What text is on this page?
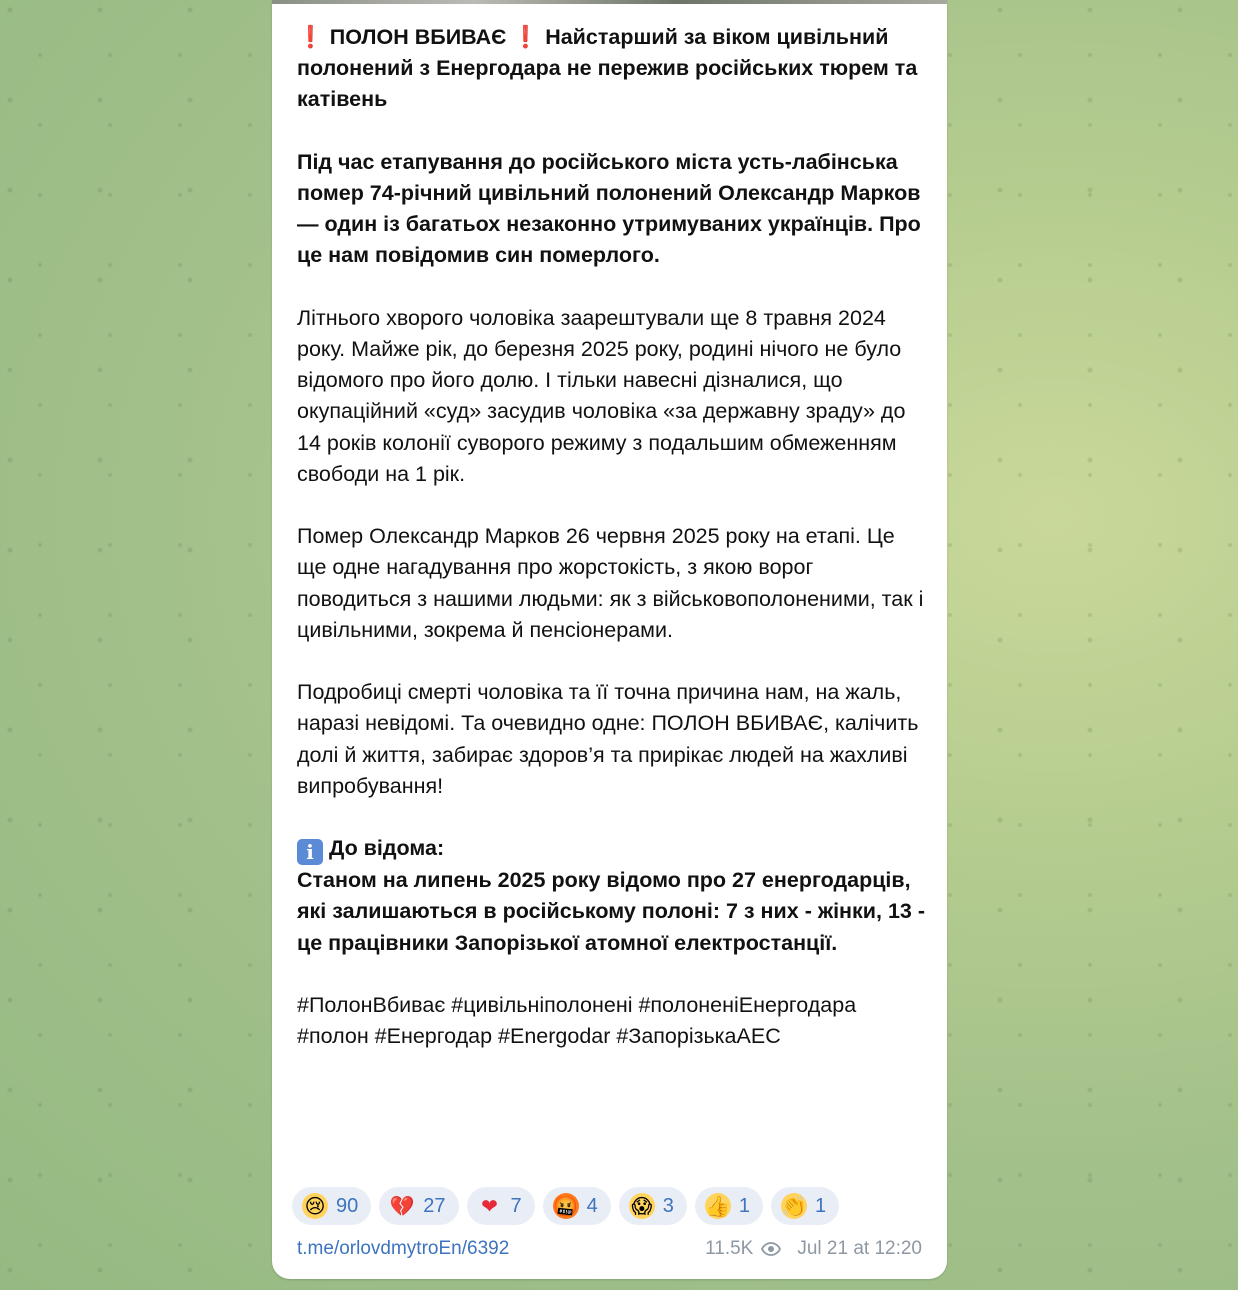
❗ ПОЛОН ВБИВАЄ ❗ Найстарший за віком цивільний полонений з Енергодара не пережив російських тюрем та катівень

Під час етапування до російського міста усть-лабінська помер 74-річний цивільний полонений Олександр Марков — один із багатьох незаконно утримуваних українців. Про це нам повідомив син померлого.

Літнього хворого чоловіка заарештували ще 8 травня 2024 року. Майже рік, до березня 2025 року, родині нічого не було відомого про його долю. І тільки навесні дізналися, що окупаційний «суд» засудив чоловіка «за державну зраду» до 14 років колонії суворого режиму з подальшим обмеженням свободи на 1 рік.

Помер Олександр Марков 26 червня 2025 року на етапі. Це ще одне нагадування про жорстокість, з якою ворог поводиться з нашими людьми: як з військовополоненими, так і цивільними, зокрема й пенсіонерами.

Подробиці смерті чоловіка та її точна причина нам, на жаль, наразі невідомі. Та очевидно одне: ПОЛОН ВБИВАЄ, калічить долі й життя, забирає здоров’я та прирікає людей на жахливі випробування!

i До відома:
Станом на липень 2025 року відомо про 27 енергодарців, які залишаються в російському полоні: 7 з них - жінки, 13 - це працівники Запорізької атомної електростанції.

#ПолонВбиває #цивільніполонені #полоненіЕнергодара #полон #Енергодар #Energodar #ЗапорізькаАЕС

😢 90 💔 27 ❤ 7 🤬 4 😱 3 👍 1 👏 1
t.me/orlovdmytroEn/6392	11.5K Jul 21 at 12:20
